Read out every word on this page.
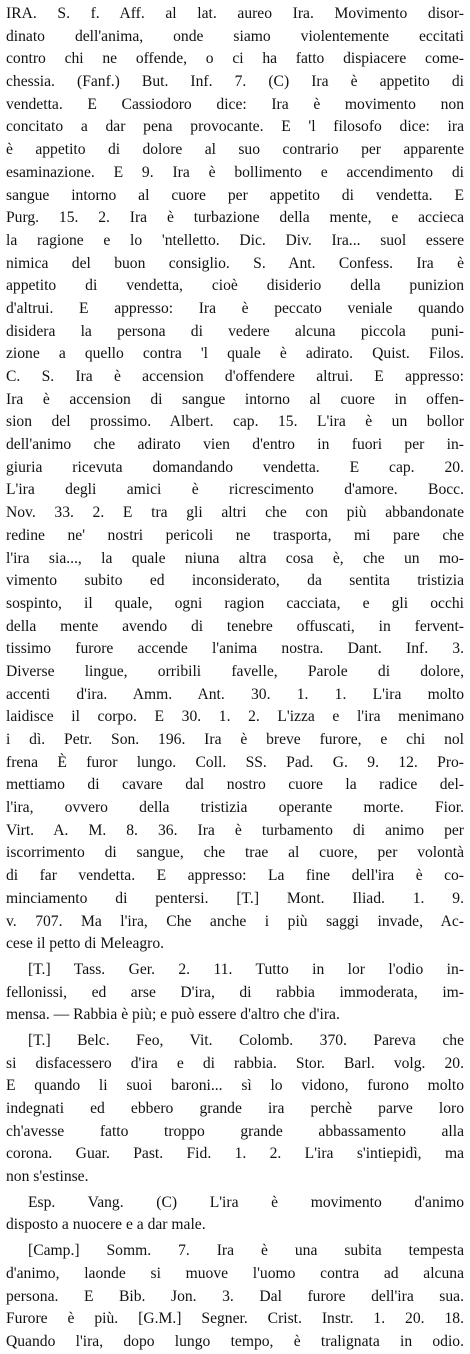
IRA. S. f. Aff. al lat. aureo Ira. Movimento disor-
dinato dell'anima, onde siamo violentemente eccitati
contro chi ne offende, o ci ha fatto dispiacere come-
chessia. (Fanf.) But. Inf. 7. (C) Ira è appetito di
vendetta. E Cassiodoro dice: Ira è movimento non
concitato a dar pena provocante. E 'l filosofo dice: ira
è appetito di dolore al suo contrario per apparente
esaminazione. E 9. Ira è bollimento e accendimento di
sangue intorno al cuore per appetito di vendetta. E
Purg. 15. 2. Ira è turbazione della mente, e accieca
la ragione e lo 'ntelletto. Dic. Div. Ira... suol essere
nimica del buon consiglio. S. Ant. Confess. Ira è
appetito di vendetta, cioè disiderio della punizion
d'altrui. E appresso: Ira è peccato veniale quando
disidera la persona di vedere alcuna piccola puni-
zione a quello contra 'l quale è adirato. Quist. Filos.
C. S. Ira è accension d'offendere altrui. E appresso:
Ira è accension di sangue intorno al cuore in offen-
sion del prossimo. Albert. cap. 15. L'ira è un bollor
dell'animo che adirato vien d'entro in fuori per in-
giuria ricevuta domandando vendetta. E cap. 20.
L'ira degli amici è ricrescimento d'amore. Bocc.
Nov. 33. 2. E tra gli altri che con più abbandonate
redine ne' nostri pericoli ne trasporta, mi pare che
l'ira sia..., la quale niuna altra cosa è, che un mo-
vimento subito ed inconsiderato, da sentita tristizia
sospinto, il quale, ogni ragion cacciata, e gli occhi
della mente avendo di tenebre offuscati, in fervent-
tissimo furore accende l'anima nostra. Dant. Inf. 3.
Diverse lingue, orribili favelle, Parole di dolore,
accenti d'ira. Amm. Ant. 30. 1. 1. L'ira molto
laidisce il corpo. E 30. 1. 2. L'izza e l'ira menimano
i dì. Petr. Son. 196. Ira è breve furore, e chi nol
frena È furor lungo. Coll. SS. Pad. G. 9. 12. Pro-
mettiamo di cavare dal nostro cuore la radice del-
l'ira, ovvero della tristizia operante morte. Fior.
Virt. A. M. 8. 36. Ira è turbamento di animo per
iscorrimento di sangue, che trae al cuore, per volontà
di far vendetta. E appresso: La fine dell'ira è co-
minciamento di pentersi. [T.] Mont. Iliad. 1. 9.
v. 707. Ma l'ira, Che anche i più saggi invade, Ac-
cese il petto di Meleagro.
[T.] Tass. Ger. 2. 11. Tutto in lor l'odio in-
fellonissi, ed arse D'ira, di rabbia immoderata, im-
mensa. — Rabbia è più; e può essere d'altro che d'ira.
[T.] Belc. Feo, Vit. Colomb. 370. Pareva che
si disfacessero d'ira e di rabbia. Stor. Barl. volg. 20.
E quando li suoi baroni... sì lo vidono, furono molto
indegnati ed ebbero grande ira perchè parve loro
ch'avesse fatto troppo grande abbassamento alla
corona. Guar. Past. Fid. 1. 2. L'ira s'intiepidì, ma
non s'estinse.
Esp. Vang. (C) L'ira è movimento d'animo
disposto a nuocere e a dar male.
[Camp.] Somm. 7. Ira è una subita tempesta
d'animo, laonde si muove l'uomo contra ad alcuna
persona. E Bib. Jon. 3. Dal furore dell'ira sua.
Furore è più. [G.M.] Segner. Crist. Instr. 1. 20. 18.
Quando l'ira, dopo lungo tempo, è tralignata in odio.
